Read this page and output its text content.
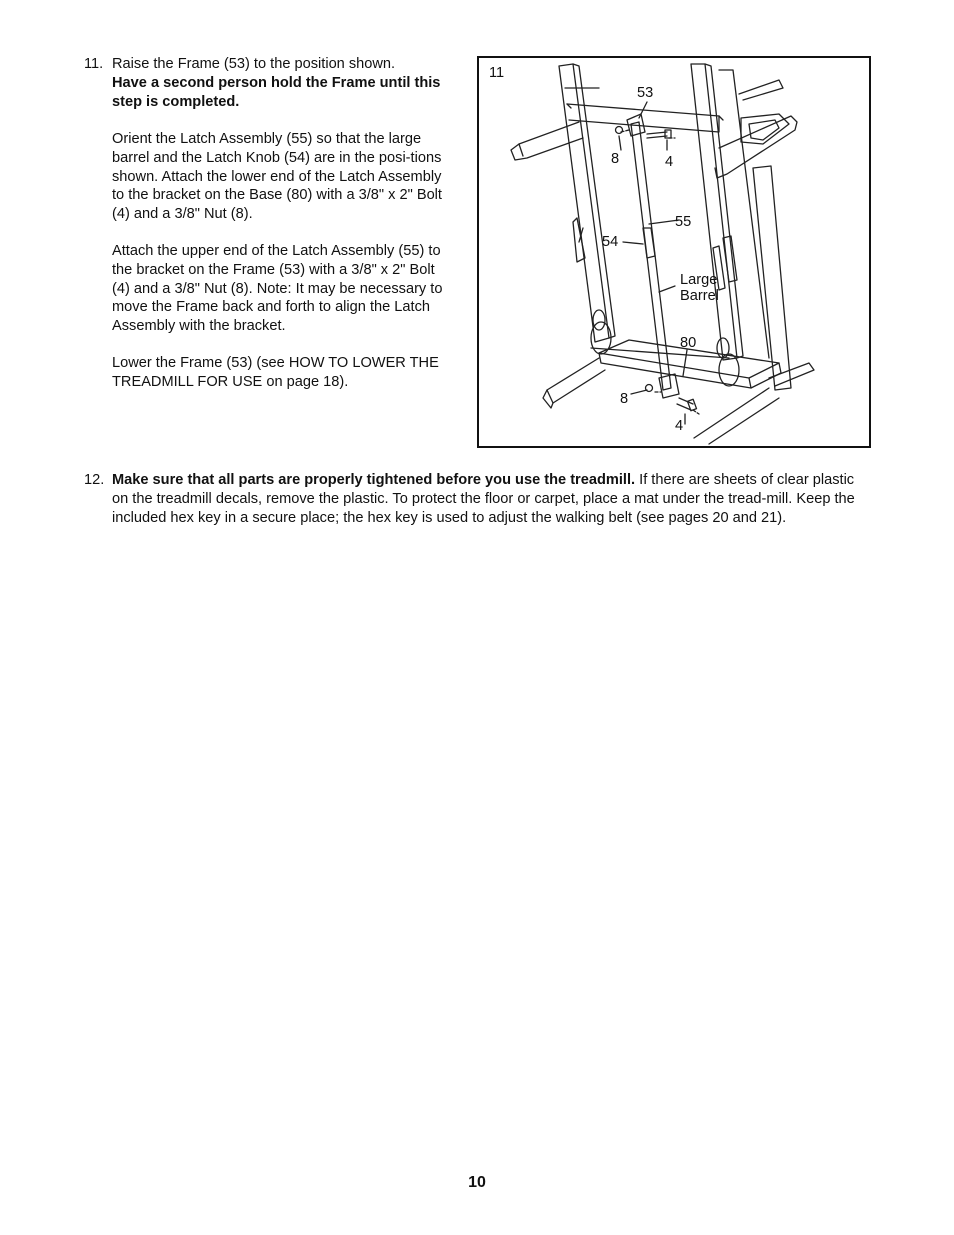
11. Raise the Frame (53) to the position shown.
Have a second person hold the Frame until this step is completed.
Orient the Latch Assembly (55) so that the large barrel and the Latch Knob (54) are in the posi-tions shown. Attach the lower end of the Latch Assembly to the bracket on the Base (80) with a 3/8" x 2" Bolt (4) and a 3/8" Nut (8).
Attach the upper end of the Latch Assembly (55) to the bracket on the Frame (53) with a 3/8" x 2" Bolt (4) and a 3/8" Nut (8). Note: It may be necessary to move the Frame back and forth to align the Latch Assembly with the bracket.
Lower the Frame (53) (see HOW TO LOWER THE TREADMILL FOR USE on page 18).
11
53
8	4
55
54
Large
Barrel
80
8
4
12. Make sure that all parts are properly tightened before you use the treadmill. If there are sheets of clear plastic on the treadmill decals, remove the plastic. To protect the floor or carpet, place a mat under the tread-mill. Keep the included hex key in a secure place; the hex key is used to adjust the walking belt (see pages 20 and 21).
10
